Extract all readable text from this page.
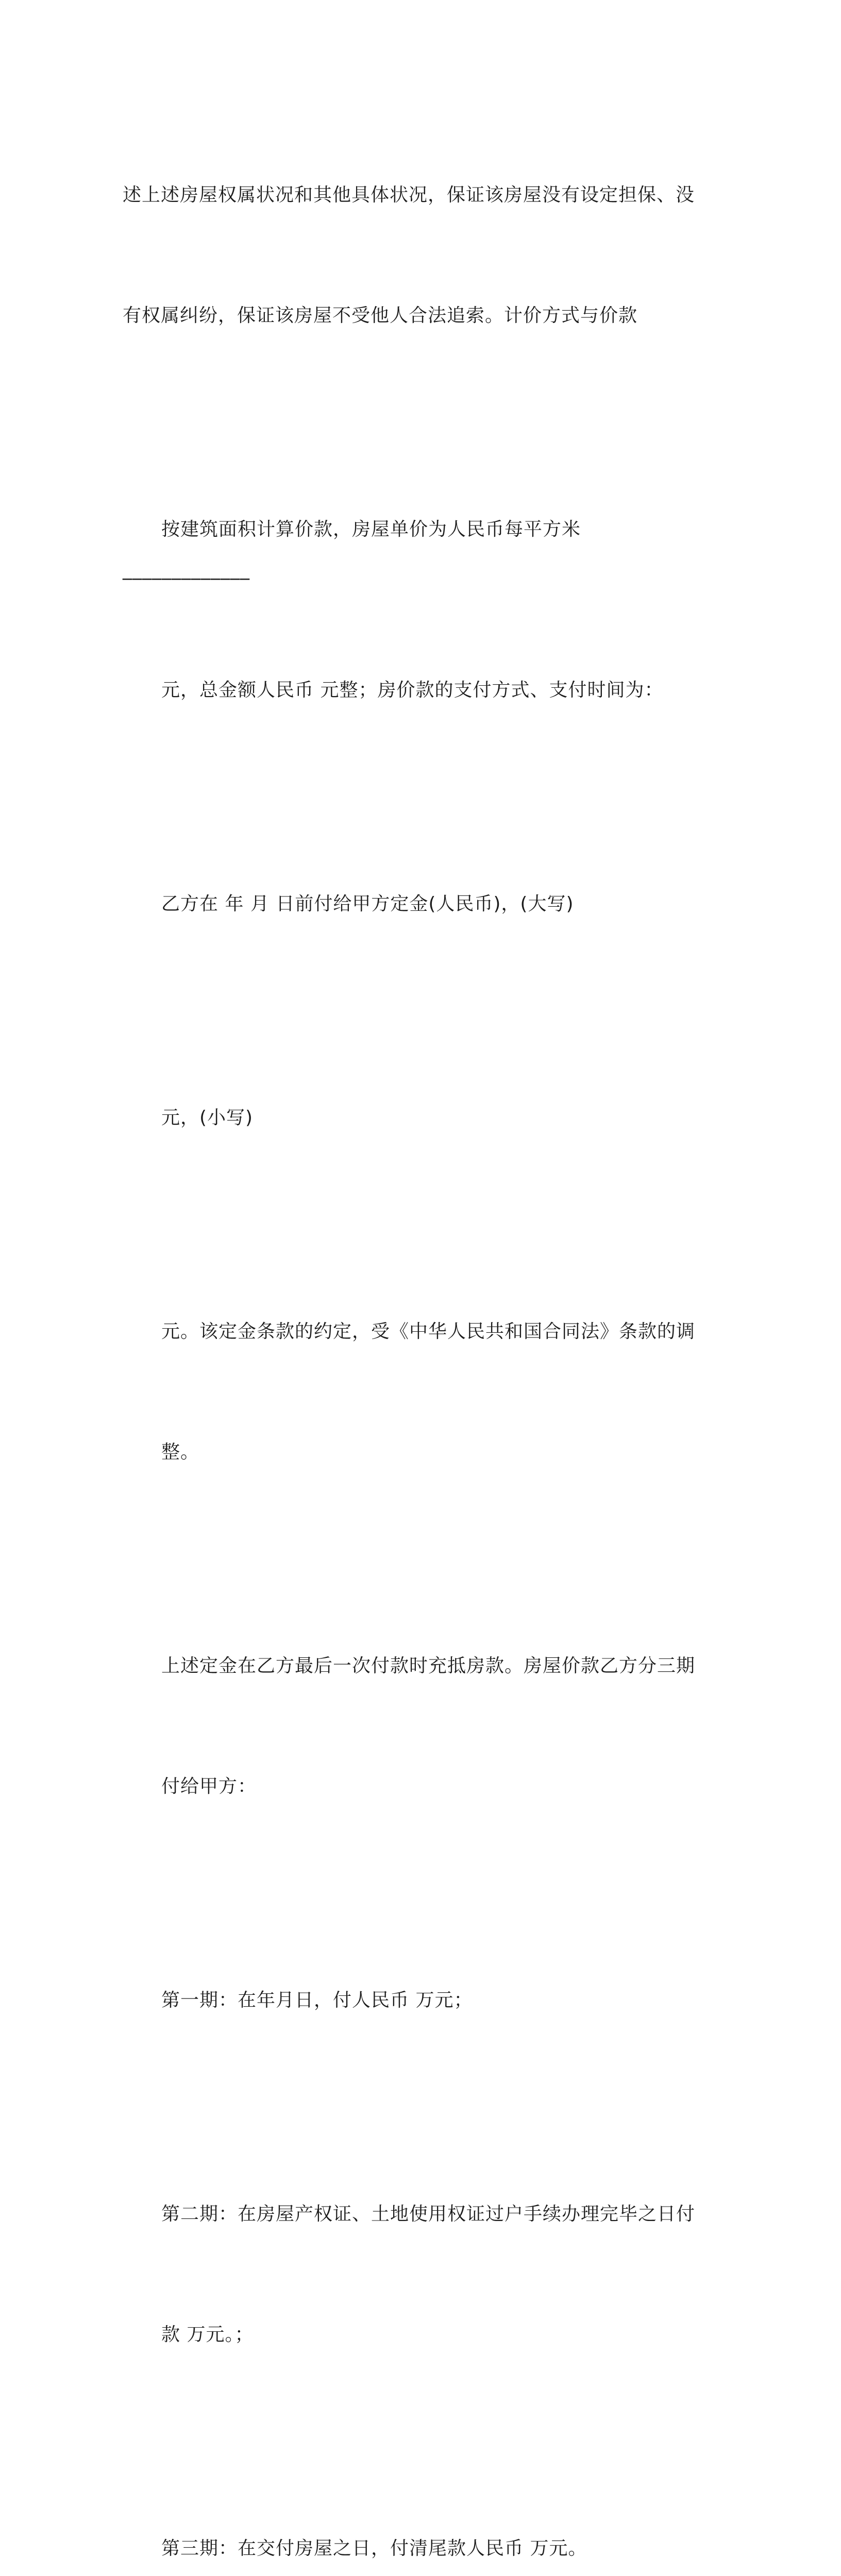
述上述房屋权属状况和其他具体状况，保证该房屋没有设定担保、没

有权属纠纷，保证该房屋不受他人合法追索。计价方式与价款

按建筑面积计算价款，房屋单价为人民币每平方米_____________

元，总金额人民币 元整；房价款的支付方式、支付时间为：

乙方在 年 月 日前付给甲方定金(人民币)，(大写)

元，(小写)

元。该定金条款的约定，受《中华人民共和国合同法》条款的调

整。

上述定金在乙方最后一次付款时充抵房款。房屋价款乙方分三期

付给甲方：

第一期：在年月日，付人民币 万元；

第二期：在房屋产权证、土地使用权证过户手续办理完毕之日付

款 万元。；

第三期：在交付房屋之日，付清尾款人民币 万元。
